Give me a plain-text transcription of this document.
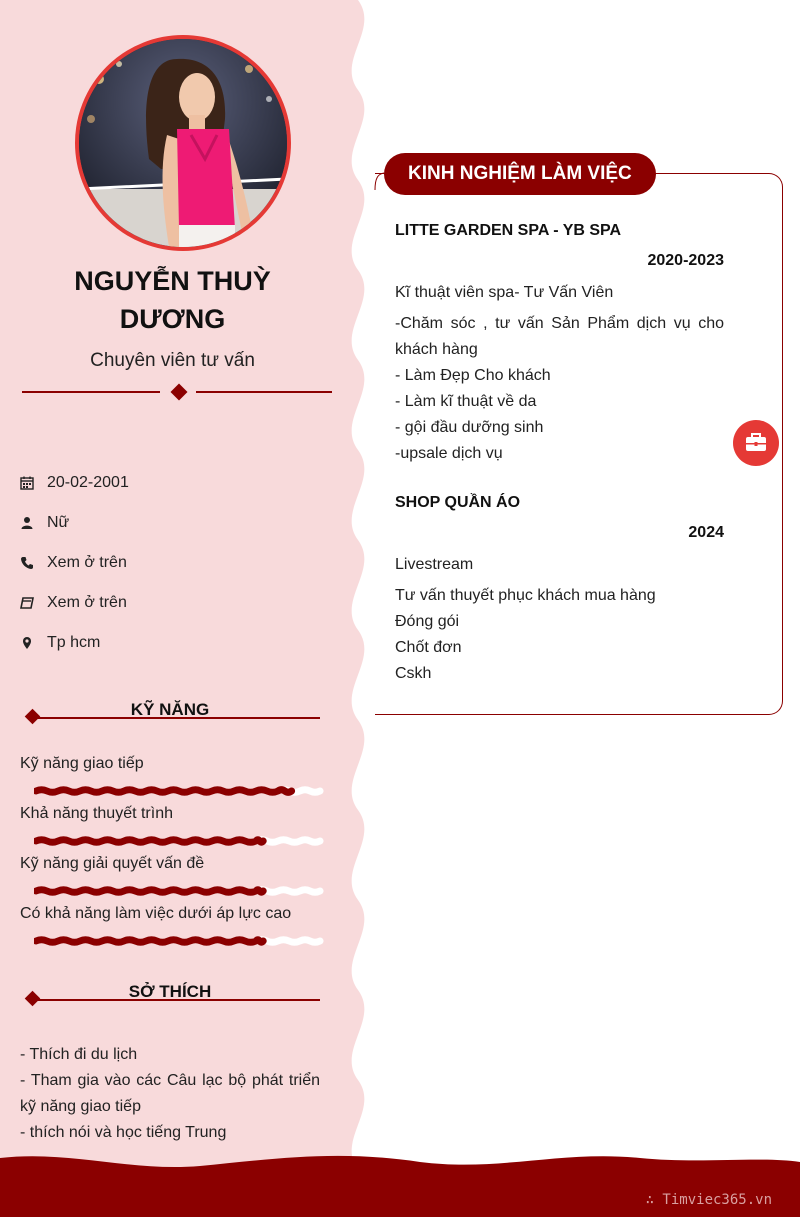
NGUYỄN THUỲ DƯƠNG
Chuyên viên tư vấn
20-02-2001
Nữ
Xem ở trên
Xem ở trên
Tp hcm
KỸ NĂNG
Kỹ năng giao tiếp
Khả năng thuyết trình
Kỹ năng giải quyết vấn đề
Có khả năng làm việc dưới áp lực cao
SỞ THÍCH
- Thích đi du lịch
- Tham gia vào các Câu lạc bộ phát triển kỹ năng giao tiếp
- thích nói và học tiếng Trung
KINH NGHIỆM LÀM VIỆC
LITTE GARDEN SPA - YB SPA
2020-2023
Kĩ thuật viên spa- Tư Vấn Viên
-Chăm sóc , tư vấn Sản Phẩm dịch vụ cho khách hàng
- Làm Đẹp Cho khách
- Làm kĩ thuật về da
- gội đầu dưỡng sinh
-upsale dịch vụ
SHOP QUẦN ÁO
2024
Livestream
Tư vấn thuyết phục khách mua hàng
Đóng gói
Chốt đơn
Cskh
∴ Timviec365.vn
